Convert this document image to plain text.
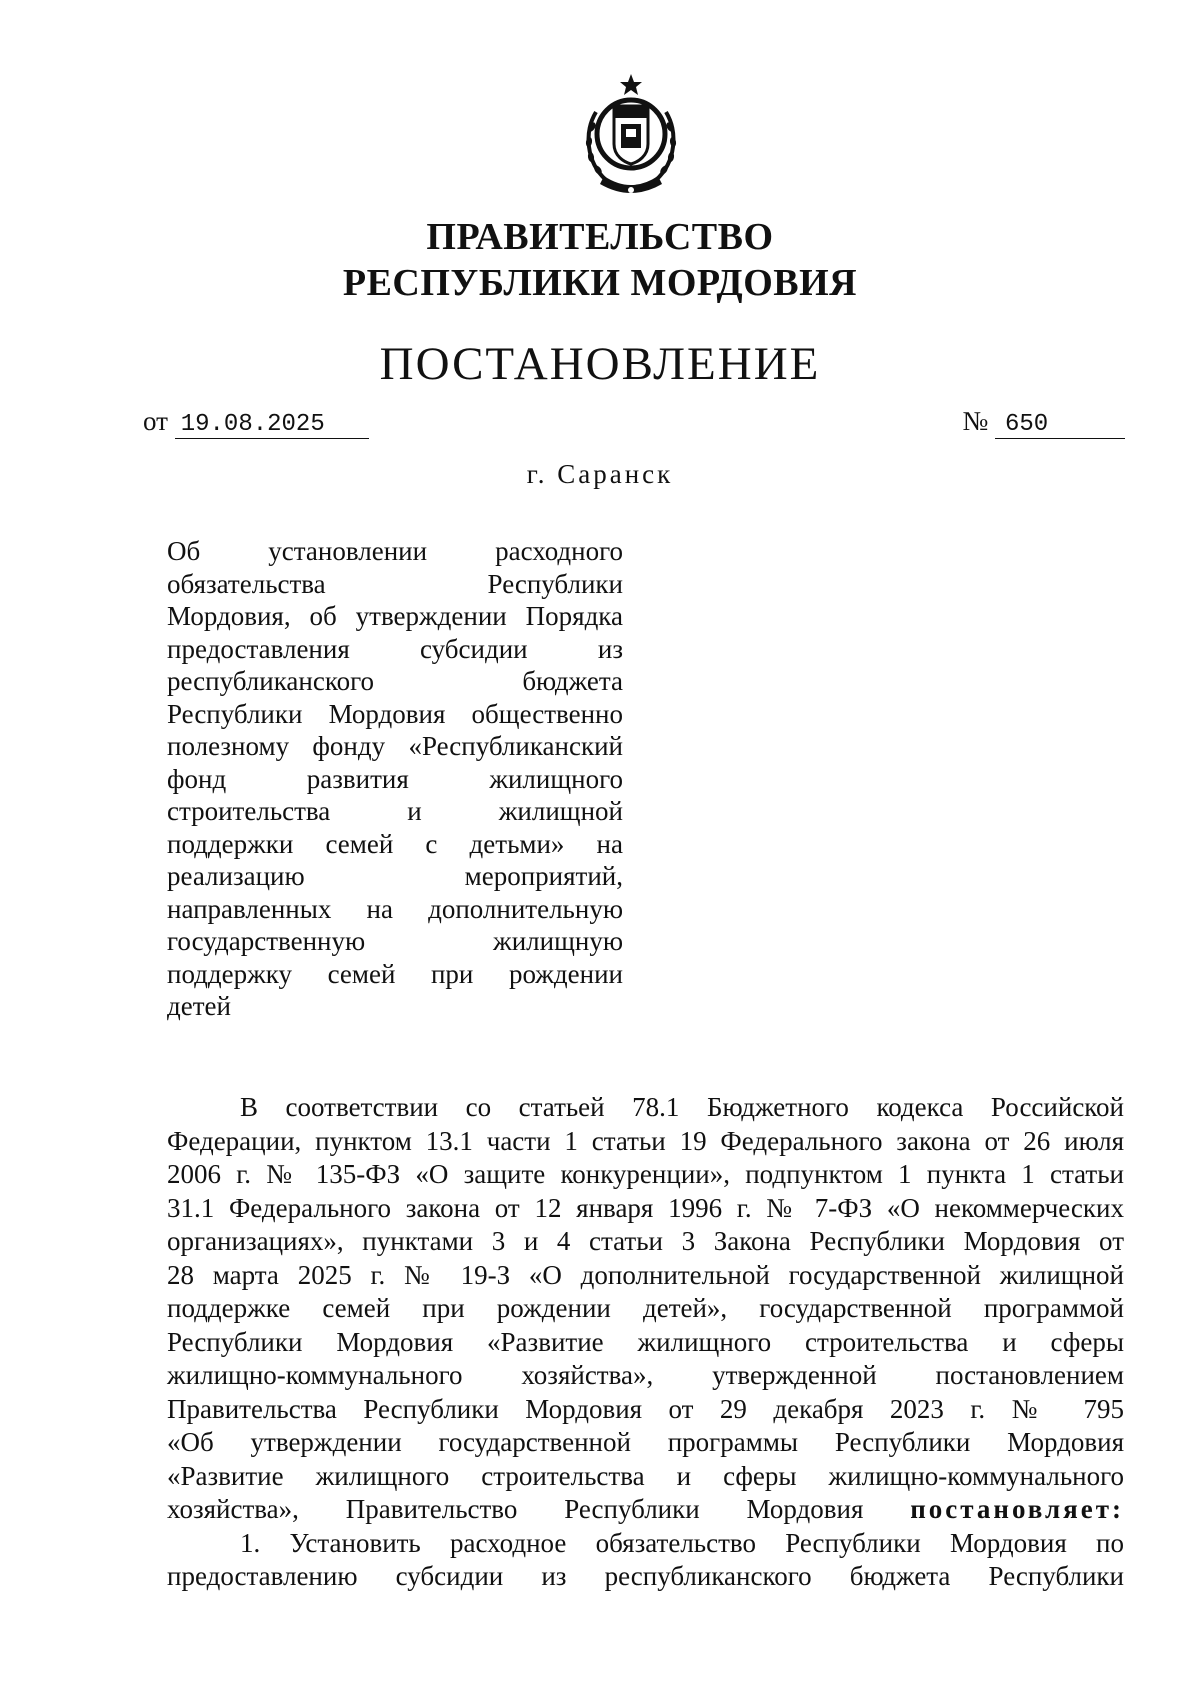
ПРАВИТЕЛЬСТВО
РЕСПУБЛИКИ МОРДОВИЯ
ПОСТАНОВЛЕНИЕ
от 19.08.2025	№ 650
г. Саранск
Об установлении расходного
обязательства Республики
Мордовия, об утверждении Порядка
предоставления субсидии из
республиканского бюджета
Республики Мордовия общественно
полезному фонду «Республиканский
фонд развития жилищного
строительства и жилищной
поддержки семей с детьми» на
реализацию мероприятий,
направленных на дополнительную
государственную жилищную
поддержку семей при рождении
детей
В соответствии со статьей 78.1 Бюджетного кодекса Российской
Федерации, пунктом 13.1 части 1 статьи 19 Федерального закона от 26 июля
2006 г. № 135-ФЗ «О защите конкуренции», подпунктом 1 пункта 1 статьи
31.1 Федерального закона от 12 января 1996 г. № 7-ФЗ «О некоммерческих
организациях», пунктами 3 и 4 статьи 3 Закона Республики Мордовия от
28 марта 2025 г. № 19-З «О дополнительной государственной жилищной
поддержке семей при рождении детей», государственной программой
Республики Мордовия «Развитие жилищного строительства и сферы
жилищно-коммунального хозяйства», утвержденной постановлением
Правительства Республики Мордовия от 29 декабря 2023 г. № 795
«Об утверждении государственной программы Республики Мордовия
«Развитие жилищного строительства и сферы жилищно-коммунального
хозяйства», Правительство Республики Мордовия постановляет:
1. Установить расходное обязательство Республики Мордовия по
предоставлению субсидии из республиканского бюджета Республики
